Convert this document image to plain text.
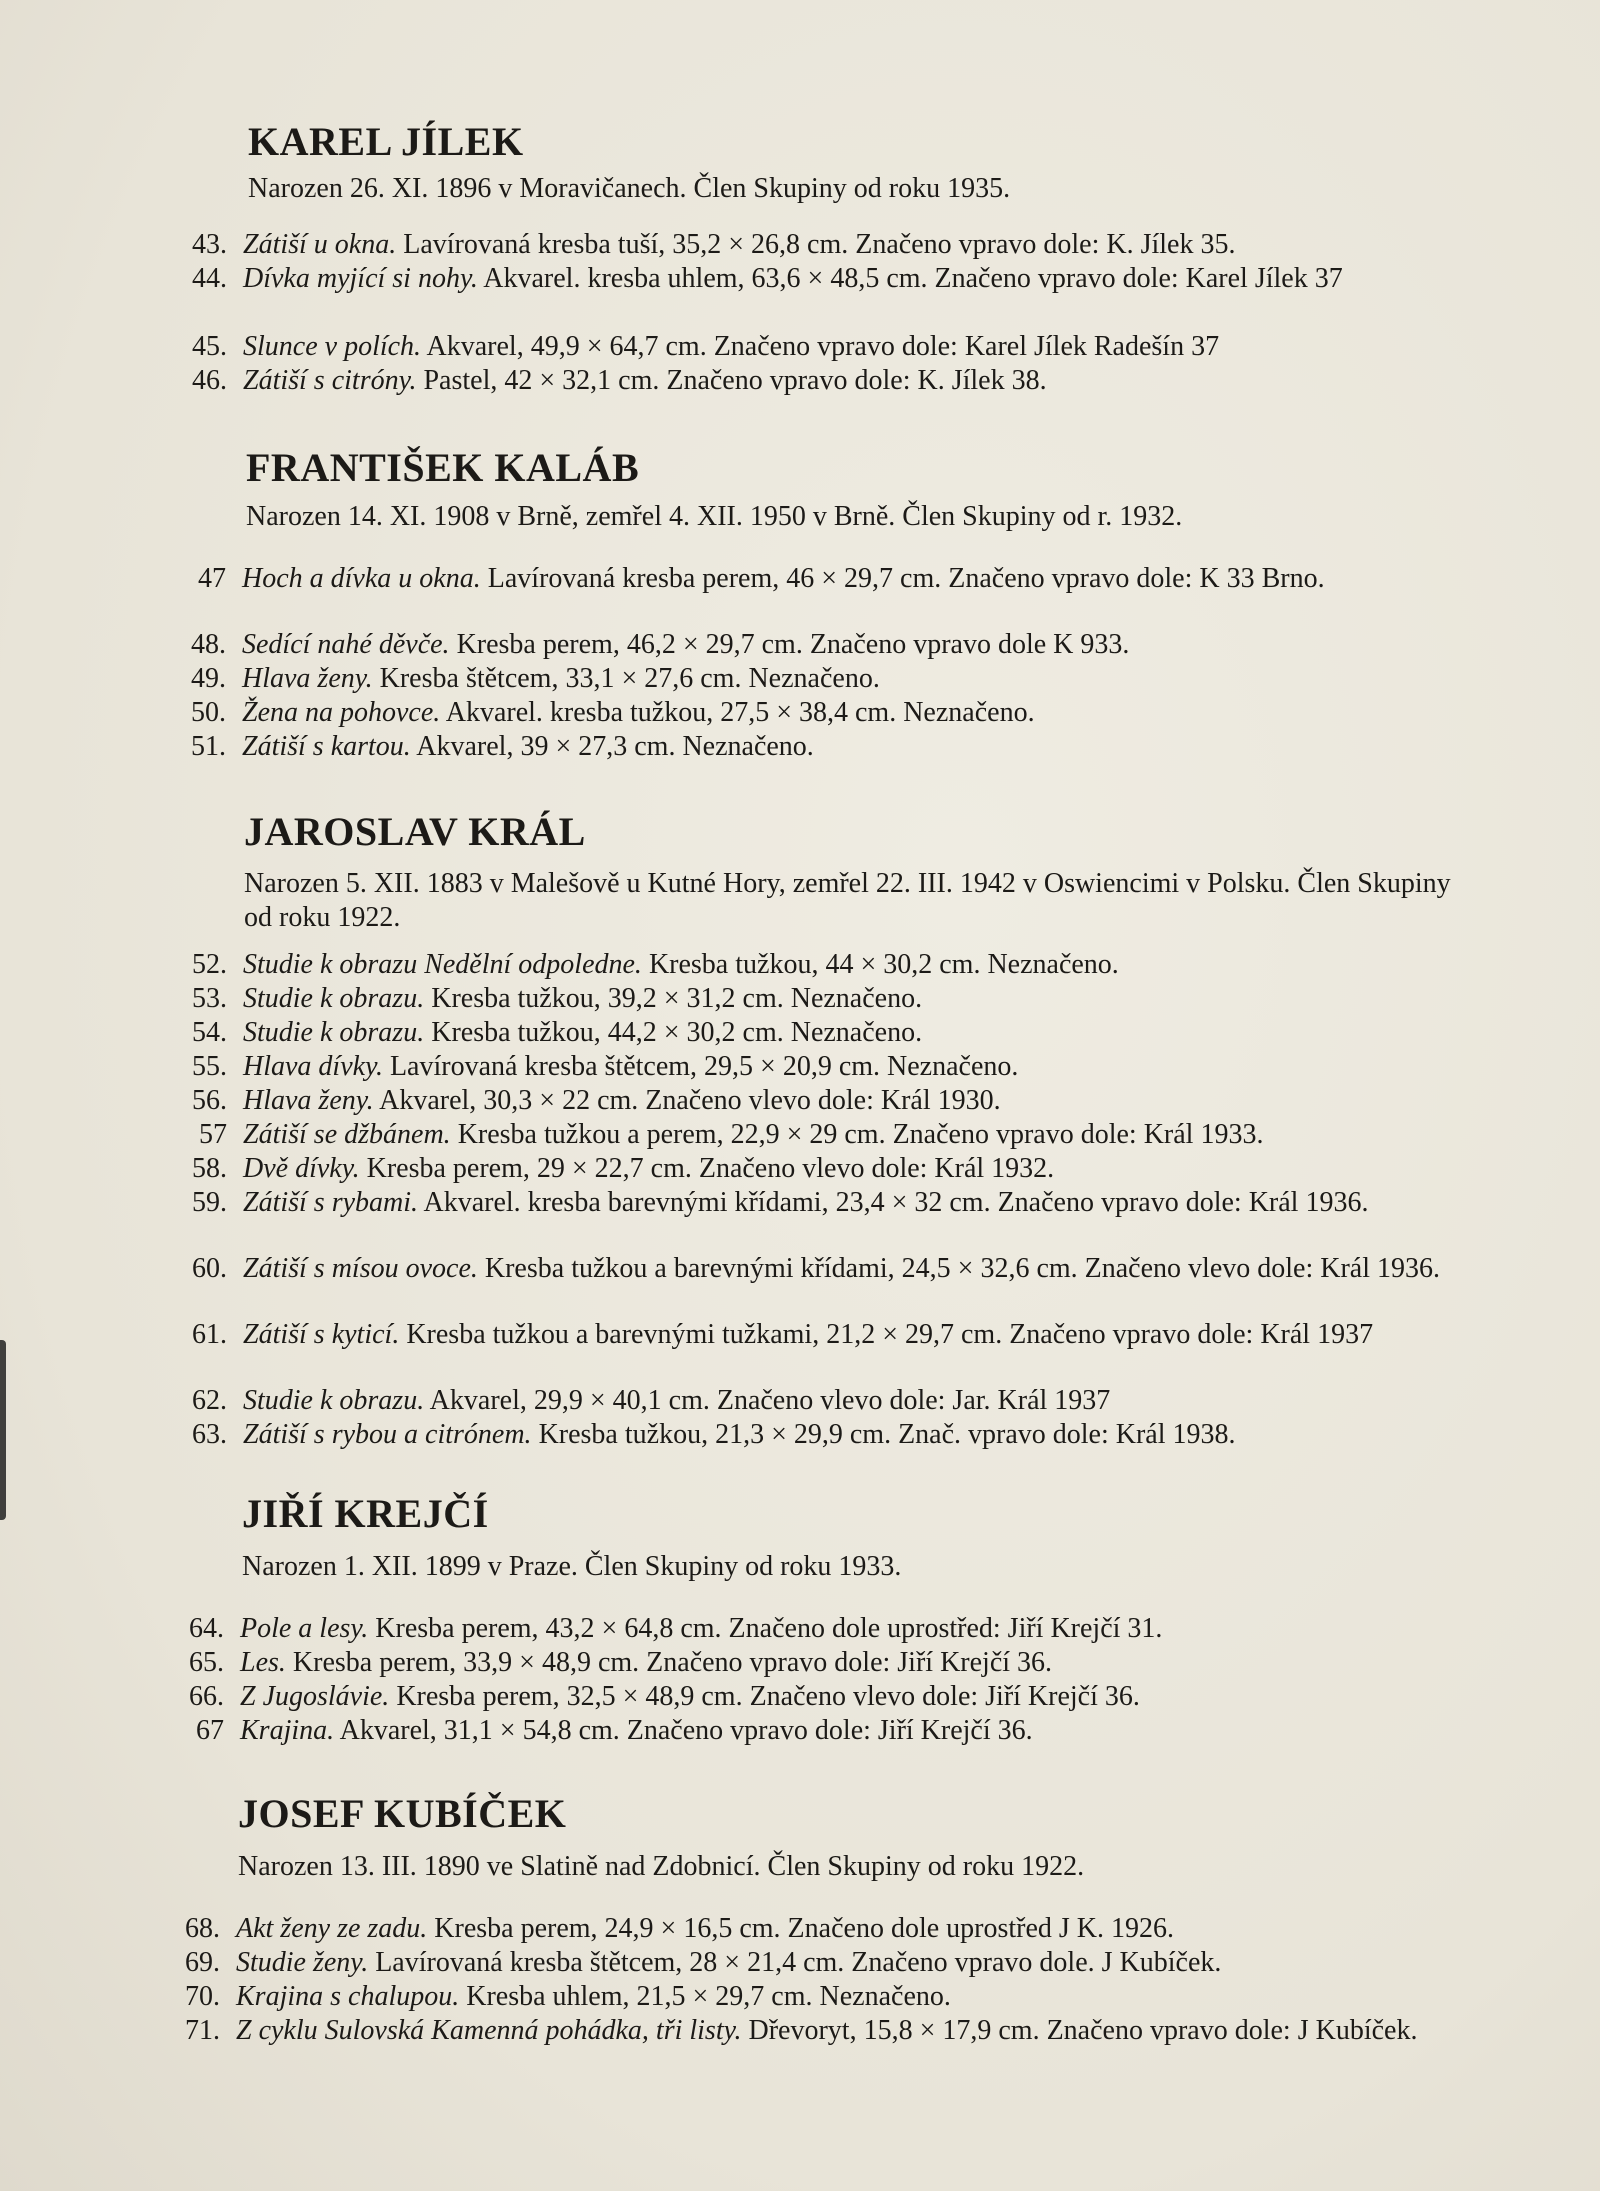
KAREL JÍLEK
Narozen 26. XI. 1896 v Moravičanech. Člen Skupiny od roku 1935.
43. Zátiší u okna. Lavírovaná kresba tuší, 35,2 × 26,8 cm. Značeno vpravo dole: K. Jílek 35.
44. Dívka myjící si nohy. Akvarel. kresba uhlem, 63,6 × 48,5 cm. Značeno vpravo dole: Karel Jílek 37
45. Slunce v polích. Akvarel, 49,9 × 64,7 cm. Značeno vpravo dole: Karel Jílek Radešín 37
46. Zátiší s citróny. Pastel, 42 × 32,1 cm. Značeno vpravo dole: K. Jílek 38.
FRANTIŠEK KALÁB
Narozen 14. XI. 1908 v Brně, zemřel 4. XII. 1950 v Brně. Člen Skupiny od r. 1932.
47 Hoch a dívka u okna. Lavírovaná kresba perem, 46 × 29,7 cm. Značeno vpravo dole: K 33 Brno.
48. Sedící nahé děvče. Kresba perem, 46,2 × 29,7 cm. Značeno vpravo dole K 933.
49. Hlava ženy. Kresba štětcem, 33,1 × 27,6 cm. Neznačeno.
50. Žena na pohovce. Akvarel. kresba tužkou, 27,5 × 38,4 cm. Neznačeno.
51. Zátiší s kartou. Akvarel, 39 × 27,3 cm. Neznačeno.
JAROSLAV KRÁL
Narozen 5. XII. 1883 v Malešově u Kutné Hory, zemřel 22. III. 1942 v Oswiencimi v Polsku. Člen Skupiny od roku 1922.
52. Studie k obrazu Nedělní odpoledne. Kresba tužkou, 44 × 30,2 cm. Neznačeno.
53. Studie k obrazu. Kresba tužkou, 39,2 × 31,2 cm. Neznačeno.
54. Studie k obrazu. Kresba tužkou, 44,2 × 30,2 cm. Neznačeno.
55. Hlava dívky. Lavírovaná kresba štětcem, 29,5 × 20,9 cm. Neznačeno.
56. Hlava ženy. Akvarel, 30,3 × 22 cm. Značeno vlevo dole: Král 1930.
57 Zátiší se džbánem. Kresba tužkou a perem, 22,9 × 29 cm. Značeno vpravo dole: Král 1933.
58. Dvě dívky. Kresba perem, 29 × 22,7 cm. Značeno vlevo dole: Král 1932.
59. Zátiší s rybami. Akvarel. kresba barevnými křídami, 23,4 × 32 cm. Značeno vpravo dole: Král 1936.
60. Zátiší s mísou ovoce. Kresba tužkou a barevnými křídami, 24,5 × 32,6 cm. Značeno vlevo dole: Král 1936.
61. Zátiší s kyticí. Kresba tužkou a barevnými tužkami, 21,2 × 29,7 cm. Značeno vpravo dole: Král 1937
62. Studie k obrazu. Akvarel, 29,9 × 40,1 cm. Značeno vlevo dole: Jar. Král 1937
63. Zátiší s rybou a citrónem. Kresba tužkou, 21,3 × 29,9 cm. Znač. vpravo dole: Král 1938.
JIŘÍ KREJČÍ
Narozen 1. XII. 1899 v Praze. Člen Skupiny od roku 1933.
64. Pole a lesy. Kresba perem, 43,2 × 64,8 cm. Značeno dole uprostřed: Jiří Krejčí 31.
65. Les. Kresba perem, 33,9 × 48,9 cm. Značeno vpravo dole: Jiří Krejčí 36.
66. Z Jugoslávie. Kresba perem, 32,5 × 48,9 cm. Značeno vlevo dole: Jiří Krejčí 36.
67 Krajina. Akvarel, 31,1 × 54,8 cm. Značeno vpravo dole: Jiří Krejčí 36.
JOSEF KUBÍČEK
Narozen 13. III. 1890 ve Slatině nad Zdobnicí. Člen Skupiny od roku 1922.
68. Akt ženy ze zadu. Kresba perem, 24,9 × 16,5 cm. Značeno dole uprostřed J K. 1926.
69. Studie ženy. Lavírovaná kresba štětcem, 28 × 21,4 cm. Značeno vpravo dole. J Kubíček.
70. Krajina s chalupou. Kresba uhlem, 21,5 × 29,7 cm. Neznačeno.
71. Z cyklu Sulovská Kamenná pohádka, tři listy. Dřevoryt, 15,8 × 17,9 cm. Značeno vpravo dole: J Kubíček.
